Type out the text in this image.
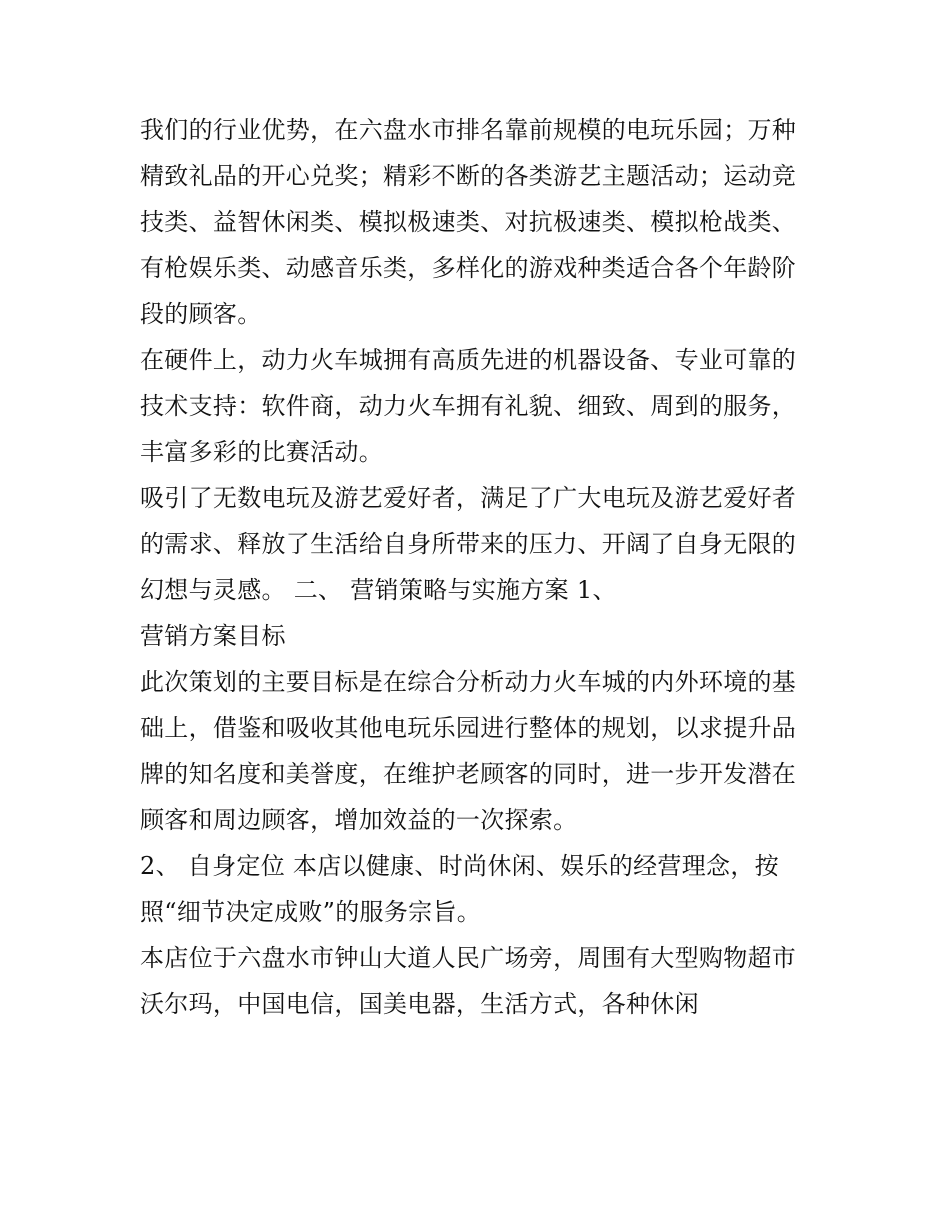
我们的行业优势，在六盘水市排名靠前规模的电玩乐园；万种
精致礼品的开心兑奖；精彩不断的各类游艺主题活动；运动竞
技类、益智休闲类、模拟极速类、对抗极速类、模拟枪战类、
有枪娱乐类、动感音乐类，多样化的游戏种类适合各个年龄阶
段的顾客。

在硬件上，动力火车城拥有高质先进的机器设备、专业可靠的
技术支持：软件商，动力火车拥有礼貌、细致、周到的服务，
丰富多彩的比赛活动。

吸引了无数电玩及游艺爱好者，满足了广大电玩及游艺爱好者
的需求、释放了生活给自身所带来的压力、开阔了自身无限的
幻想与灵感。 二、 营销策略与实施方案 1、

营销方案目标

此次策划的主要目标是在综合分析动力火车城的内外环境的基
础上，借鉴和吸收其他电玩乐园进行整体的规划，以求提升品
牌的知名度和美誉度，在维护老顾客的同时，进一步开发潜在
顾客和周边顾客，增加效益的一次探索。

2、 自身定位 本店以健康、时尚休闲、娱乐的经营理念，按
照“细节决定成败”的服务宗旨。

本店位于六盘水市钟山大道人民广场旁，周围有大型购物超市
沃尔玛，中国电信，国美电器，生活方式，各种休闲
